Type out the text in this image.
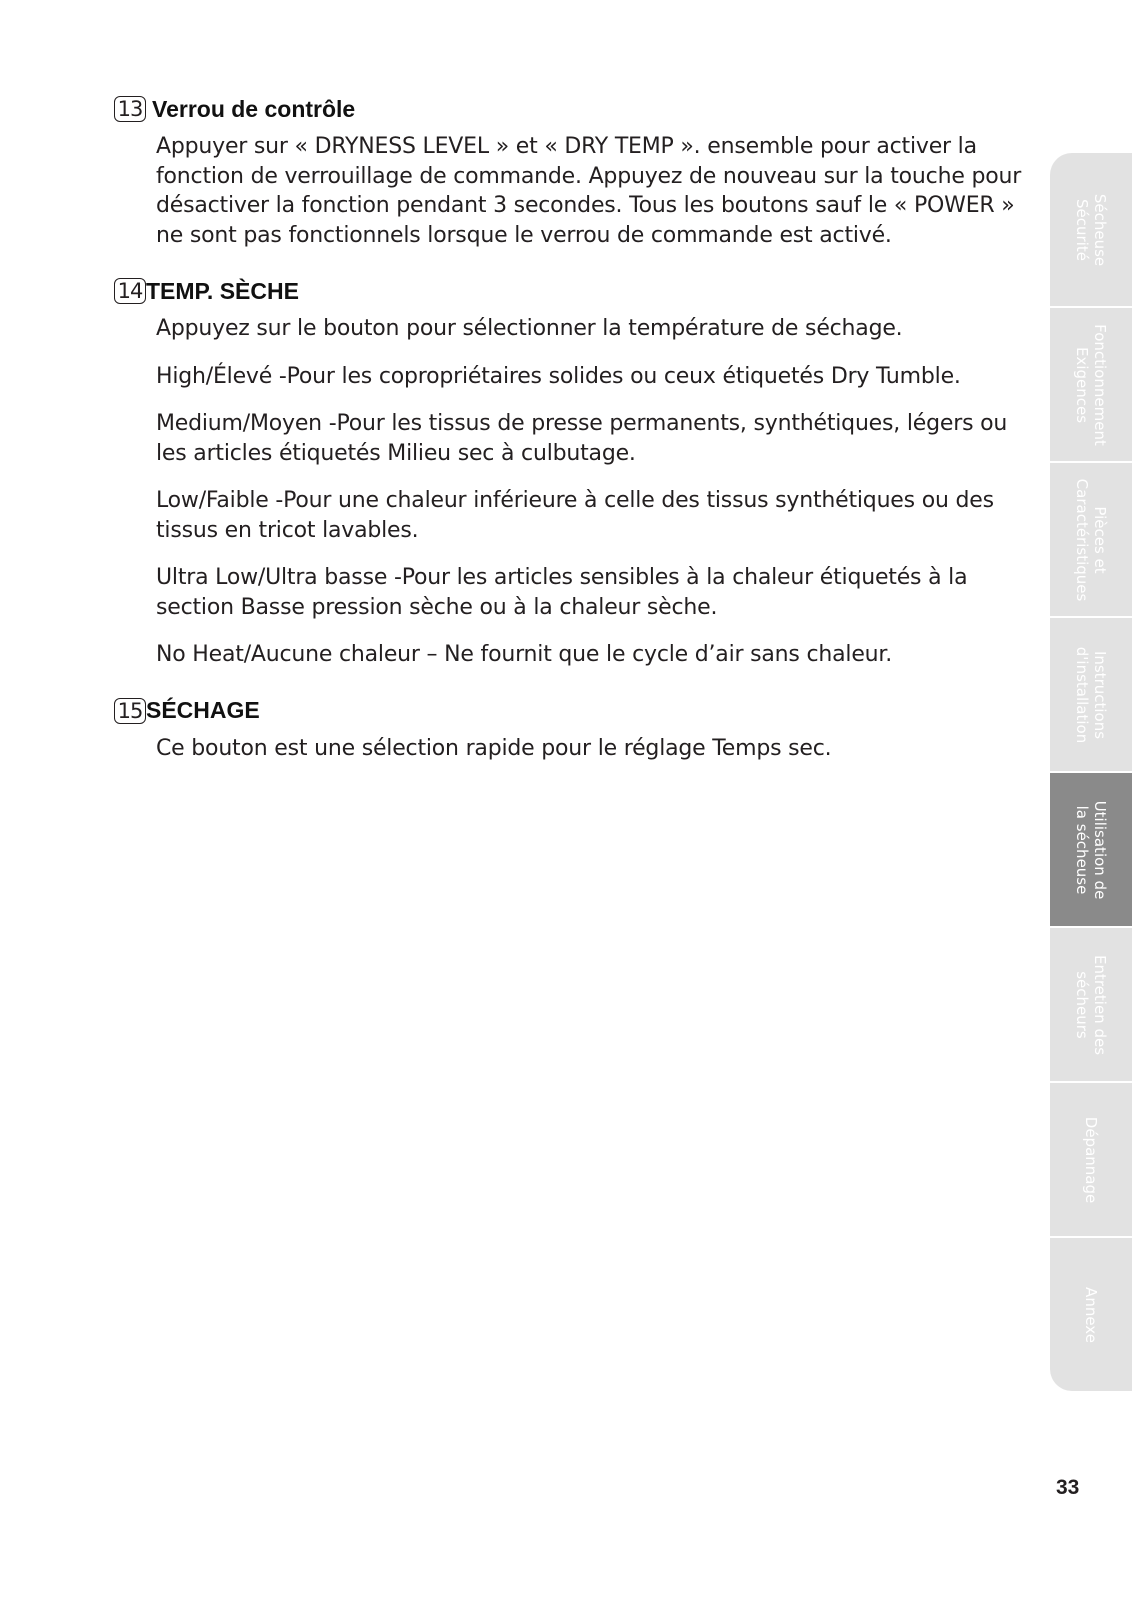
13 Verrou de contrôle

Appuyer sur « DRYNESS LEVEL » et « DRY TEMP ». ensemble pour activer la fonction de verrouillage de commande. Appuyez de nouveau sur la touche pour désactiver la fonction pendant 3 secondes. Tous les boutons sauf le « POWER » ne sont pas fonctionnels lorsque le verrou de commande est activé.

14 TEMP. SÈCHE

Appuyez sur le bouton pour sélectionner la température de séchage.

High/Élevé -Pour les copropriétaires solides ou ceux étiquetés Dry Tumble.

Medium/Moyen -Pour les tissus de presse permanents, synthétiques, légers ou les articles étiquetés Milieu sec à culbutage.

Low/Faible -Pour une chaleur inférieure à celle des tissus synthétiques ou des tissus en tricot lavables.

Ultra Low/Ultra basse -Pour les articles sensibles à la chaleur étiquetés à la section Basse pression sèche ou à la chaleur sèche.

No Heat/Aucune chaleur – Ne fournit que le cycle d’air sans chaleur.

15 SÉCHAGE

Ce bouton est une sélection rapide pour le réglage Temps sec.

Sécheuse
Sécurité
Fonctionnement
Exigences
Pièces et
Caractéristiques
Instructions
d'installation
Utilisation de
la sécheuse
Entretien des
sécheurs
Dépannage
Annexe
33
